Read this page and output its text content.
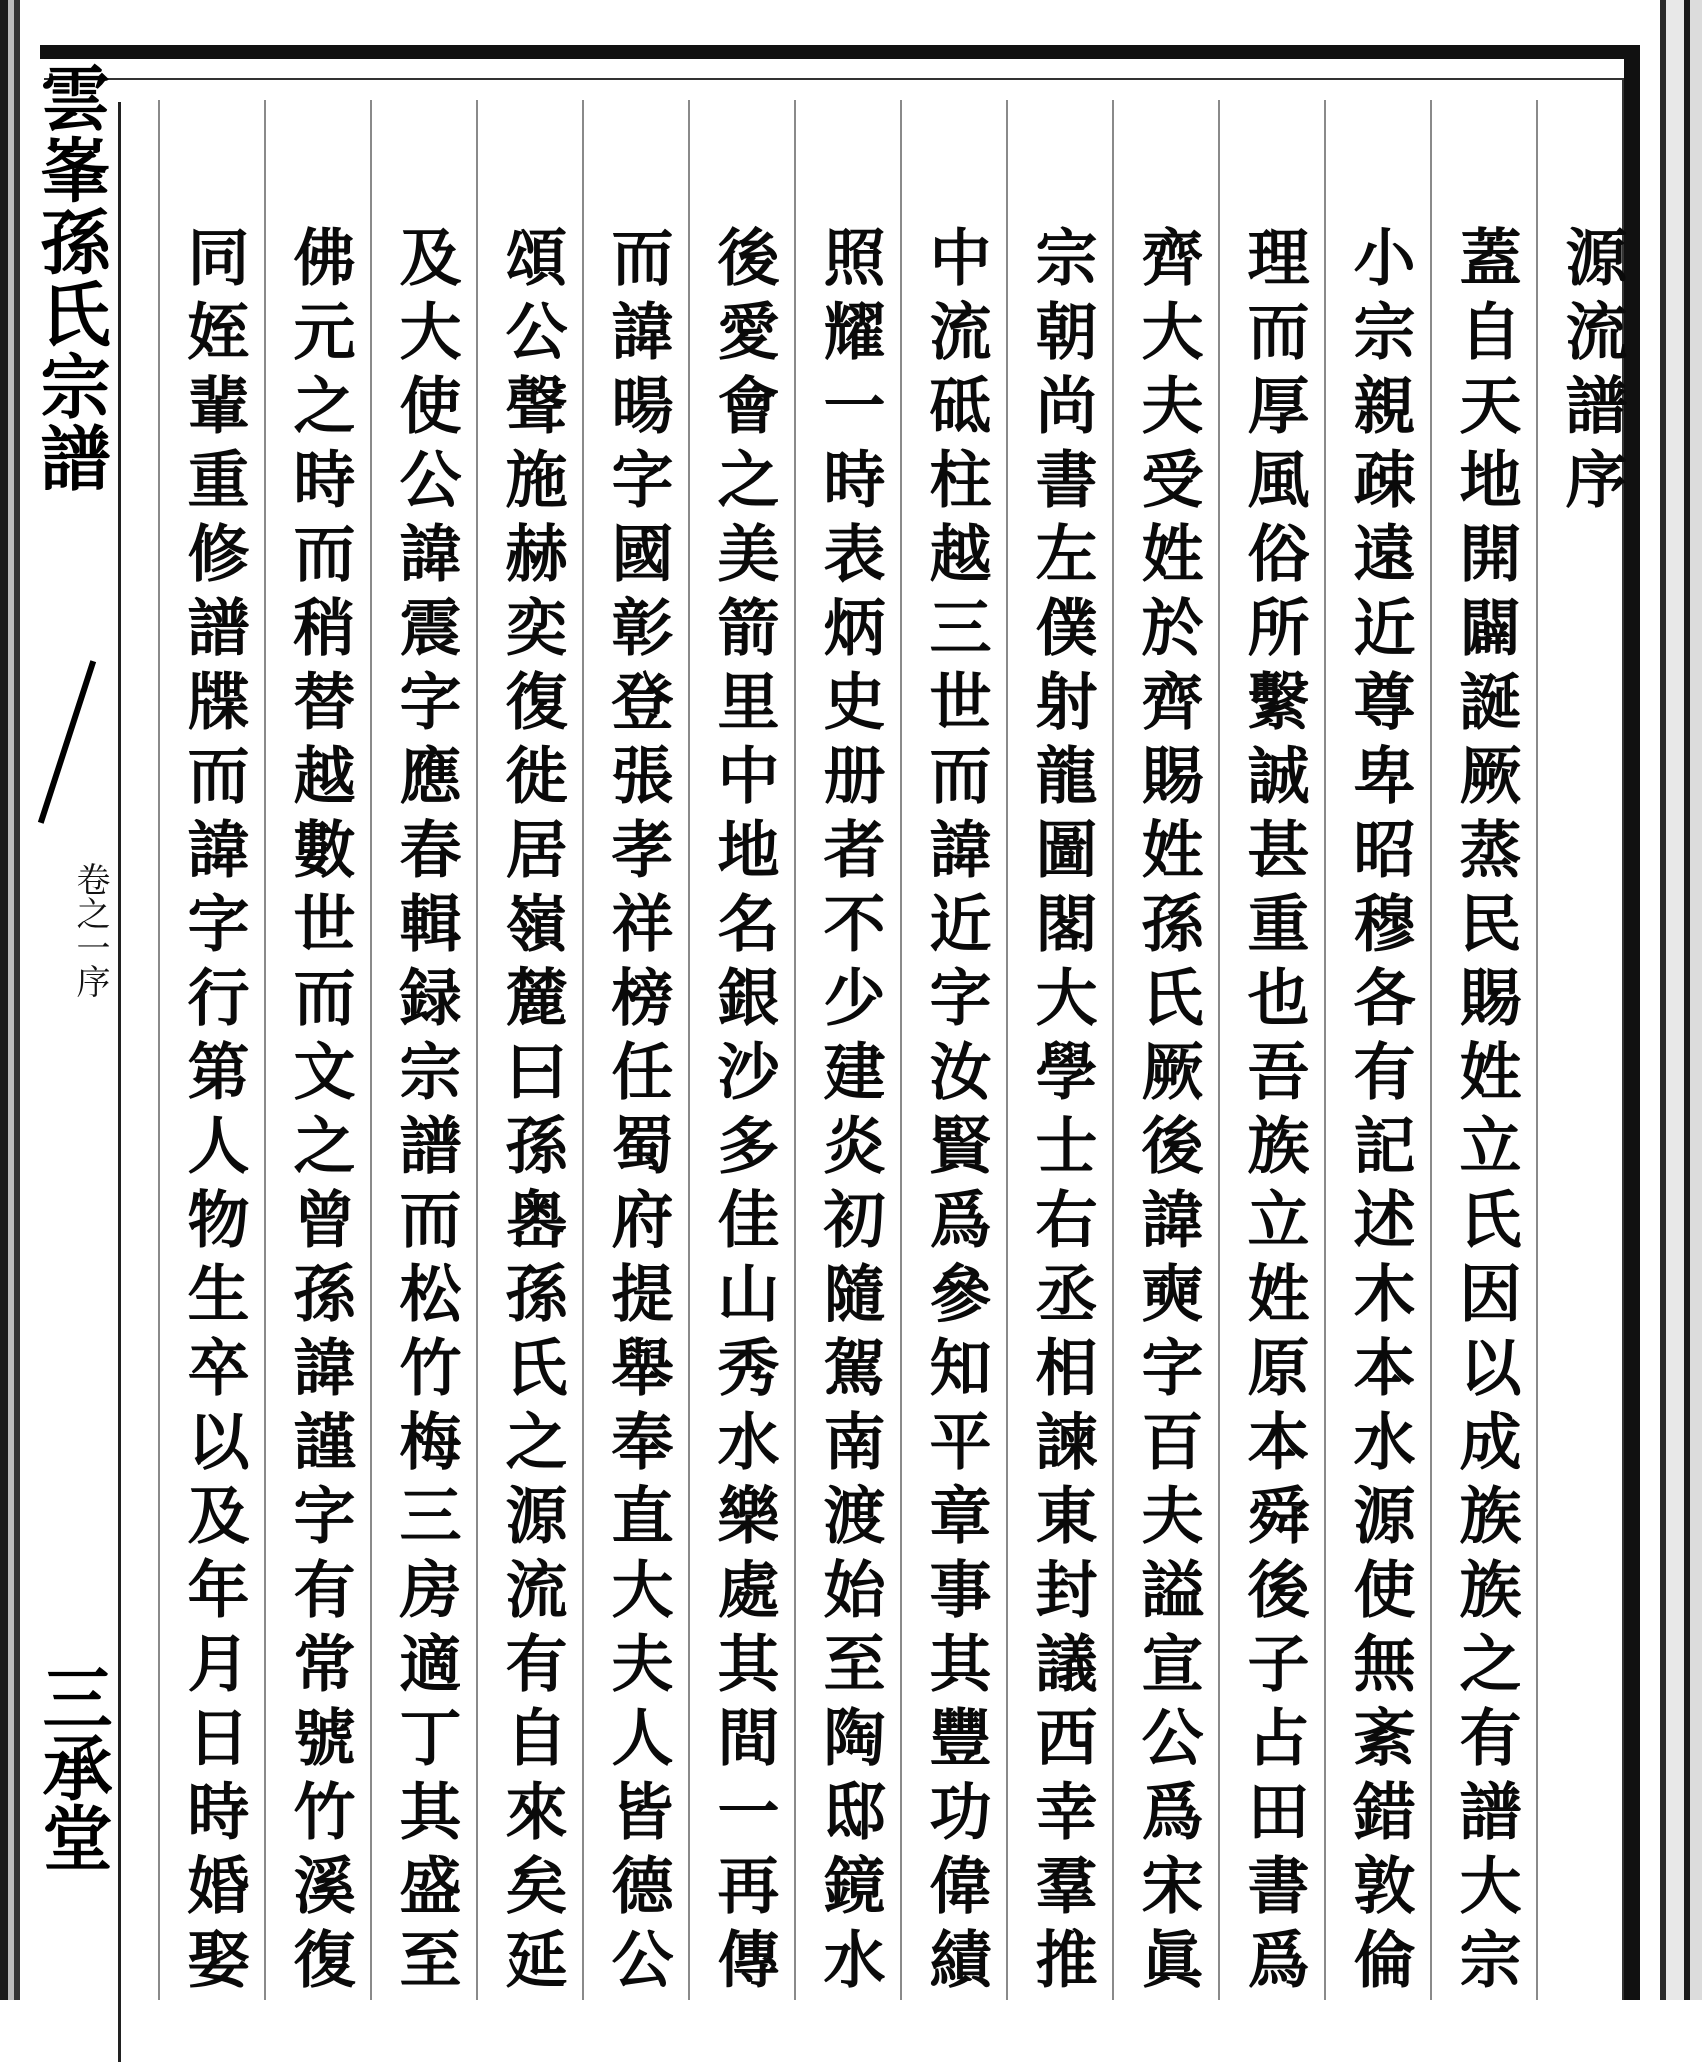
雲峯孫氏宗譜
卷之一序
三承堂
源流譜序
蓋自天地開闢誕厥蒸民賜姓立氏因以成族族之有譜大宗
小宗親疎遠近尊卑昭穆各有記述木本水源使無紊錯敦倫
理而厚風俗所繫誠甚重也吾族立姓原本舜後子占田書爲
齊大夫受姓於齊賜姓孫氏厥後諱奭字百夫謚宣公爲宋眞
宗朝尚書左僕射龍圖閣大學士右丞相諫東封議西幸羣推
中流砥柱越三世而諱近字汝賢爲參知平章事其豐功偉績
照耀一時表炳史册者不少建炎初隨駕南渡始至陶邸鏡水
後愛會之美箭里中地名銀沙多佳山秀水樂處其間一再傳
而諱暘字國彰登張孝祥榜任蜀府提舉奉直大夫人皆德公
頌公聲施赫奕復徙居嶺麓曰孫嶴孫氏之源流有自來矣延
及大使公諱震字應春輯録宗譜而松竹梅三房適丁其盛至
佛元之時而稍替越數世而文之曾孫諱謹字有常號竹溪復
同姪輩重修譜牒而諱字行第人物生卒以及年月日時婚娶
